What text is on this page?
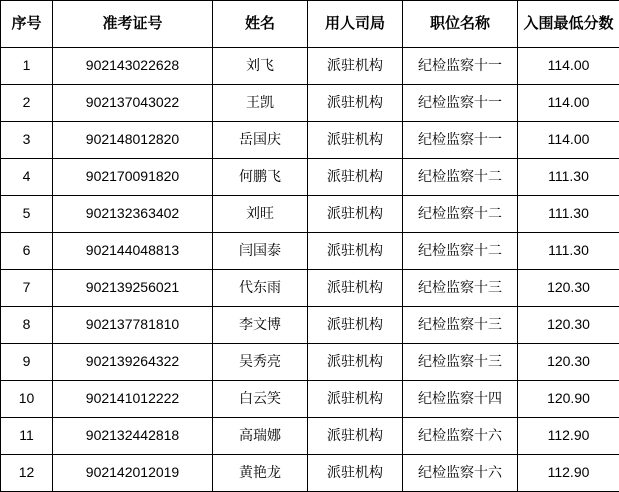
序号	准考证号	姓名	用人司局	职位名称	入围最低分数

1	902143022628	刘飞	派驻机构	纪检监察十一	114.00
2	902137043022	王凯	派驻机构	纪检监察十一	114.00
3	902148012820	岳国庆	派驻机构	纪检监察十一	114.00
4	902170091820	何鹏飞	派驻机构	纪检监察十二	111.30
5	902132363402	刘旺	派驻机构	纪检监察十二	111.30
6	902144048813	闫国泰	派驻机构	纪检监察十二	111.30
7	902139256021	代东雨	派驻机构	纪检监察十三	120.30
8	902137781810	李文博	派驻机构	纪检监察十三	120.30
9	902139264322	吴秀亮	派驻机构	纪检监察十三	120.30
10	902141012222	白云笑	派驻机构	纪检监察十四	120.90
11	902132442818	高瑞娜	派驻机构	纪检监察十六	112.90
12	902142012019	黄艳龙	派驻机构	纪检监察十六	112.90
